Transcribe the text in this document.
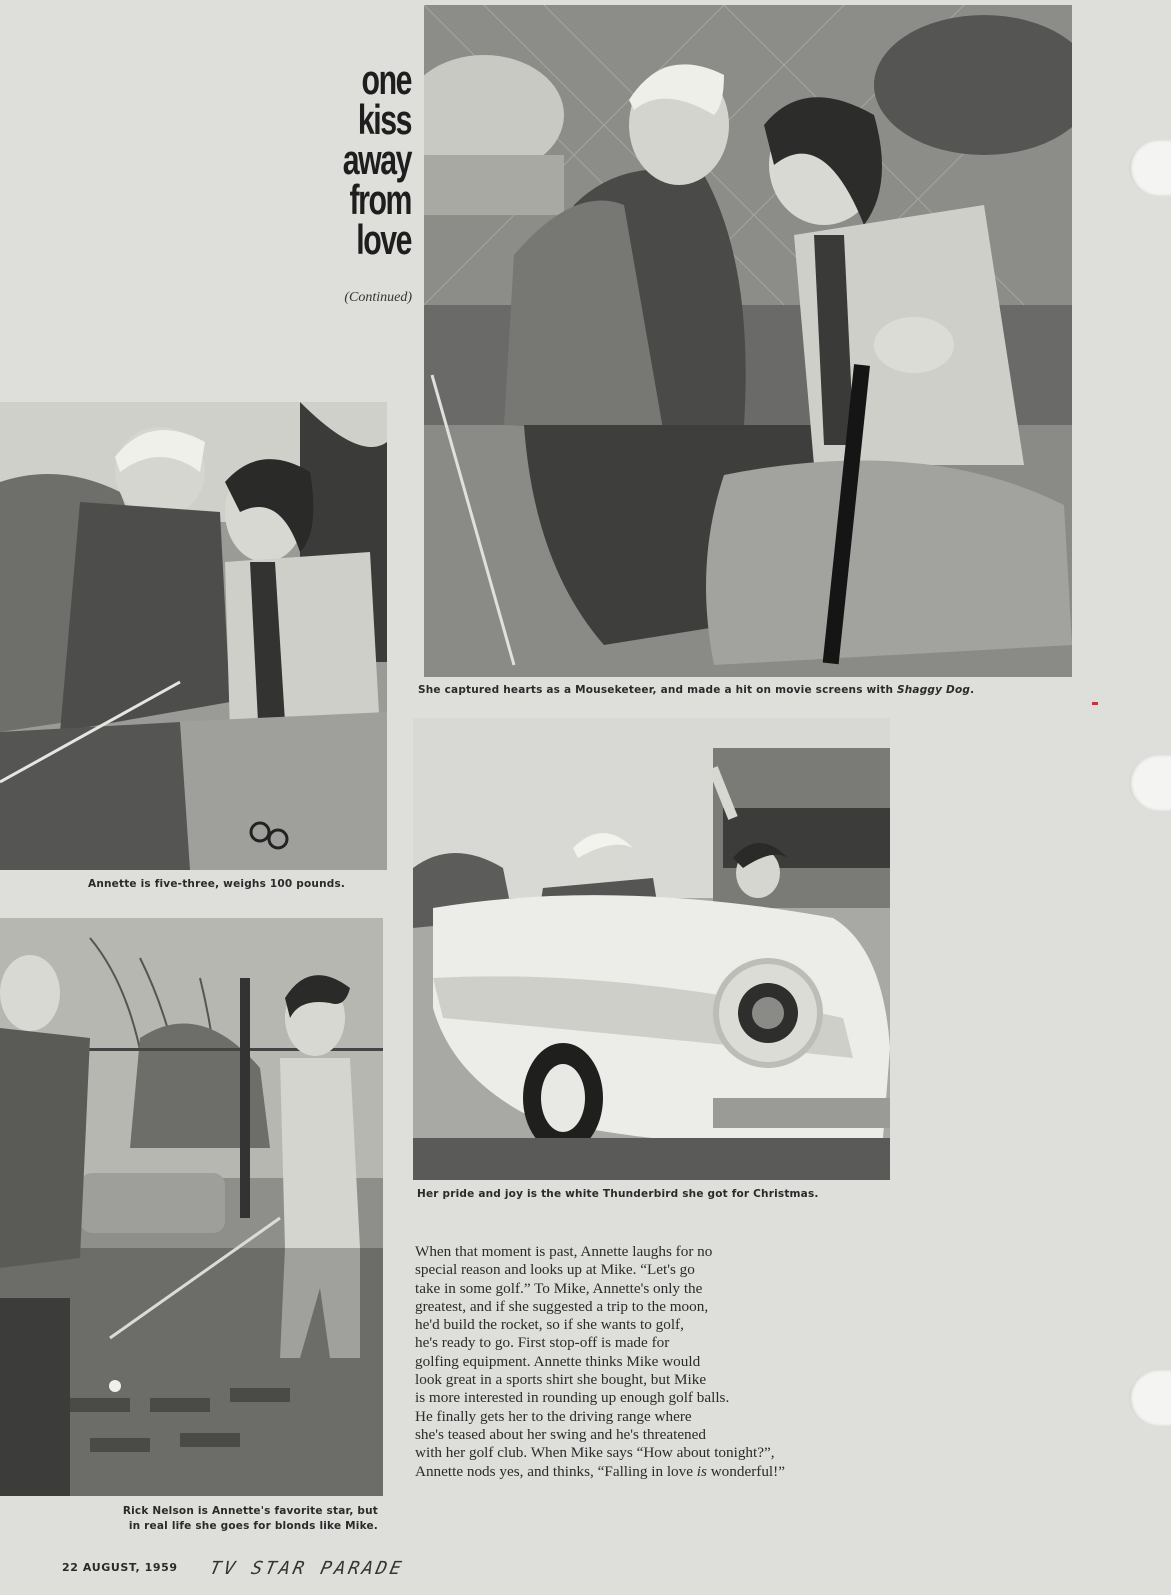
one
kiss
away
from
love
(Continued)
She captured hearts as a Mouseketeer, and made a hit on movie screens with Shaggy Dog.
Annette is five-three, weighs 100 pounds.
Her pride and joy is the white Thunderbird she got for Christmas.
Rick Nelson is Annette's favorite star, but
in real life she goes for blonds like Mike.
When that moment is past, Annette laughs for no
special reason and looks up at Mike. “Let's go
take in some golf.” To Mike, Annette's only the
greatest, and if she suggested a trip to the moon,
he'd build the rocket, so if she wants to golf,
he's ready to go. First stop-off is made for
golfing equipment. Annette thinks Mike would
look great in a sports shirt she bought, but Mike
is more interested in rounding up enough golf balls.
He finally gets her to the driving range where
she's teased about her swing and he's threatened
with her golf club. When Mike says “How about tonight?”,
Annette nods yes, and thinks, “Falling in love is wonderful!”
22 AUGUST, 1959 TV STAR PARADE
